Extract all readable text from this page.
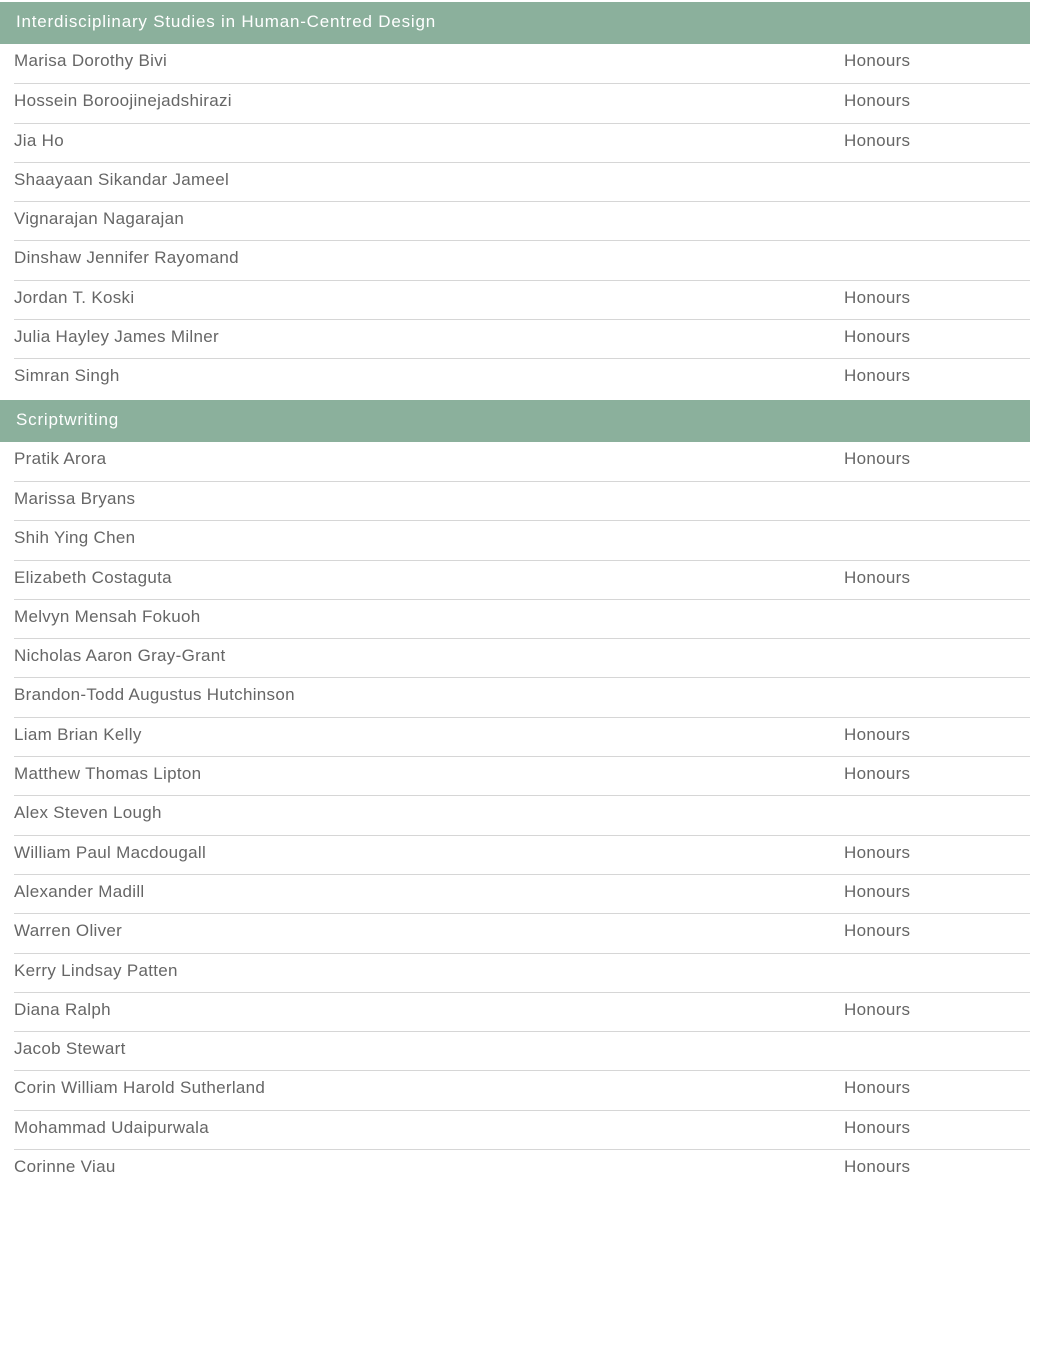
Interdisciplinary Studies in Human-Centred Design
Marisa Dorothy Bivi	Honours
Hossein Boroojinejadshirazi	Honours
Jia Ho	Honours
Shaayaan Sikandar Jameel
Vignarajan Nagarajan
Dinshaw Jennifer Rayomand
Jordan T. Koski	Honours
Julia Hayley James Milner	Honours
Simran Singh	Honours
Scriptwriting
Pratik Arora	Honours
Marissa Bryans
Shih Ying Chen
Elizabeth Costaguta	Honours
Melvyn Mensah Fokuoh
Nicholas Aaron Gray-Grant
Brandon-Todd Augustus Hutchinson
Liam Brian Kelly	Honours
Matthew Thomas Lipton	Honours
Alex Steven Lough
William Paul Macdougall	Honours
Alexander Madill	Honours
Warren Oliver	Honours
Kerry Lindsay Patten
Diana Ralph	Honours
Jacob Stewart
Corin William Harold Sutherland	Honours
Mohammad Udaipurwala	Honours
Corinne Viau	Honours
